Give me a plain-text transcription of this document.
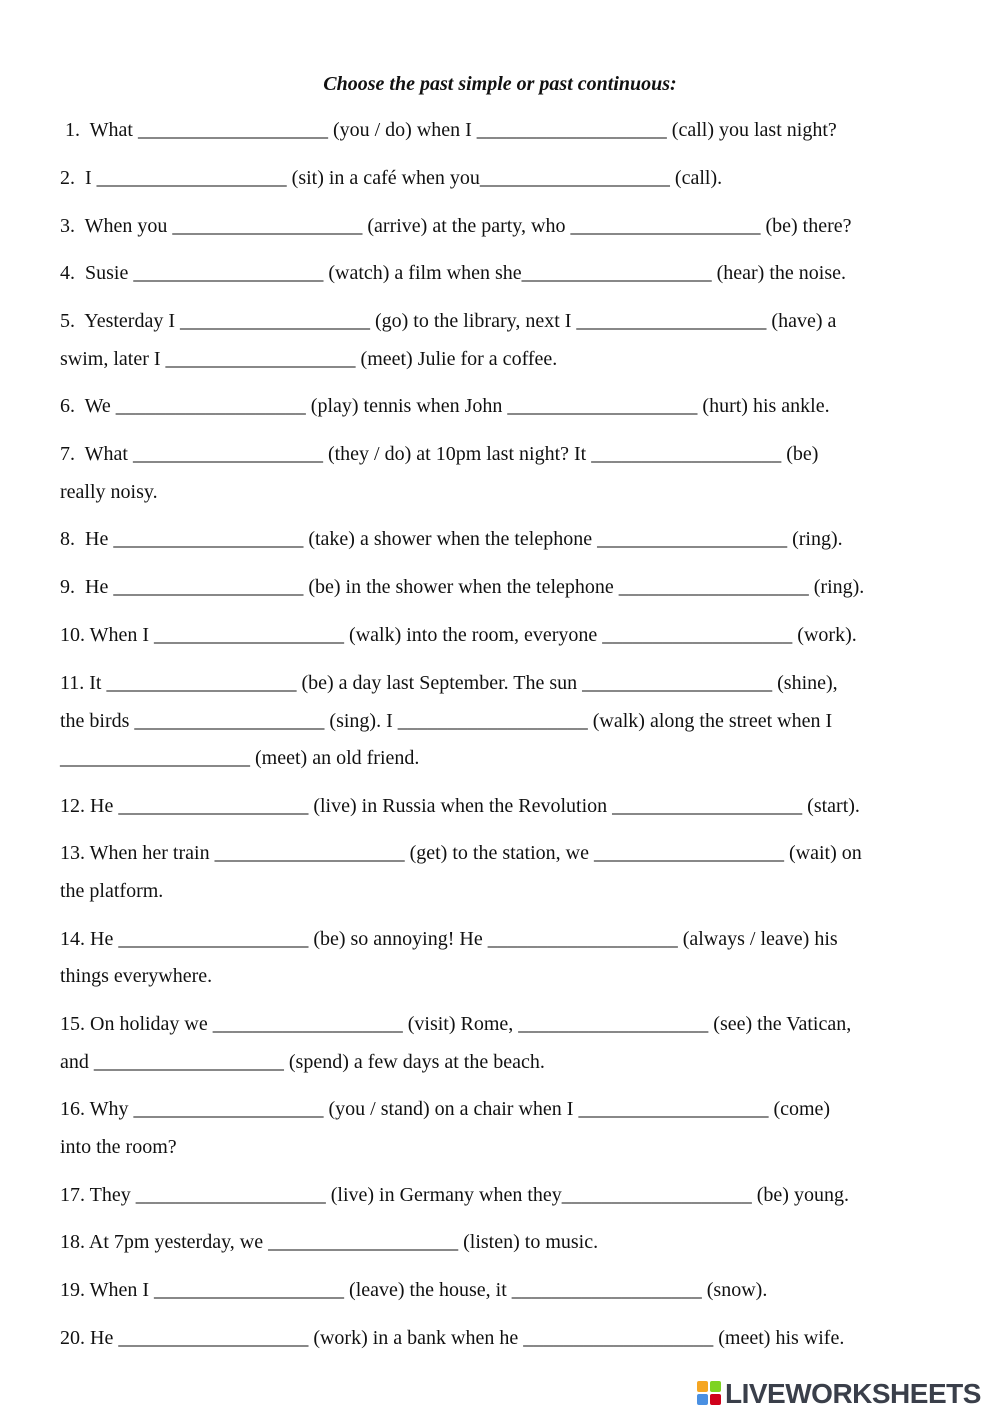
Choose the past simple or past continuous:
1.  What ___________________ (you / do) when I ___________________ (call) you last night?
2.  I ___________________ (sit) in a café when you___________________ (call).
3.  When you ___________________ (arrive) at the party, who ___________________ (be) there?
4.  Susie ___________________ (watch) a film when she___________________ (hear) the noise.
5.  Yesterday I ___________________ (go) to the library, next I ___________________ (have) a
swim, later I ___________________ (meet) Julie for a coffee.
6.  We ___________________ (play) tennis when John ___________________ (hurt) his ankle.
7.  What ___________________ (they / do) at 10pm last night? It ___________________ (be)
really noisy.
8.  He ___________________ (take) a shower when the telephone ___________________ (ring).
9.  He ___________________ (be) in the shower when the telephone ___________________ (ring).
10. When I ___________________ (walk) into the room, everyone ___________________ (work).
11. It ___________________ (be) a day last September. The sun ___________________ (shine),
the birds ___________________ (sing). I ___________________ (walk) along the street when I
___________________ (meet) an old friend.
12. He ___________________ (live) in Russia when the Revolution ___________________ (start).
13. When her train ___________________ (get) to the station, we ___________________ (wait) on
the platform.
14. He ___________________ (be) so annoying! He ___________________ (always / leave) his
things everywhere.
15. On holiday we ___________________ (visit) Rome, ___________________ (see) the Vatican,
and ___________________ (spend) a few days at the beach.
16. Why ___________________ (you / stand) on a chair when I ___________________ (come)
into the room?
17. They ___________________ (live) in Germany when they___________________ (be) young.
18. At 7pm yesterday, we ___________________ (listen) to music.
19. When I ___________________ (leave) the house, it ___________________ (snow).
20. He ___________________ (work) in a bank when he ___________________ (meet) his wife.
LIVEWORKSHEETS
